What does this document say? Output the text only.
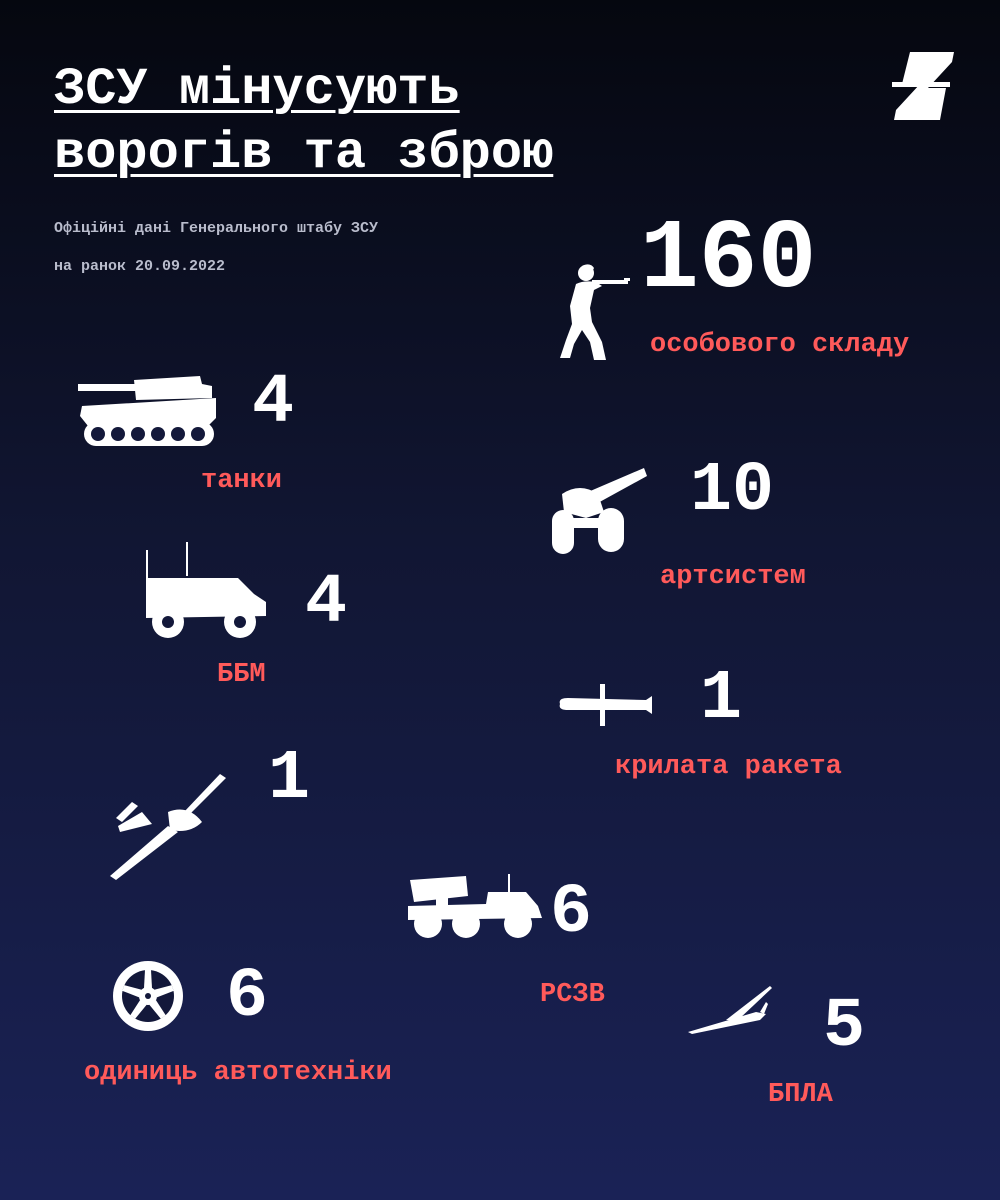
ЗСУ мінусують
ворогів та зброю
Офіційні дані Генерального штабу ЗСУ
на ранок 20.09.2022	160
особового складу
4
танки	10
артсистем
4
ББМ	1
крилата ракета
1
6
РСЗВ
6
одиниць автотехніки
5
БПЛА
